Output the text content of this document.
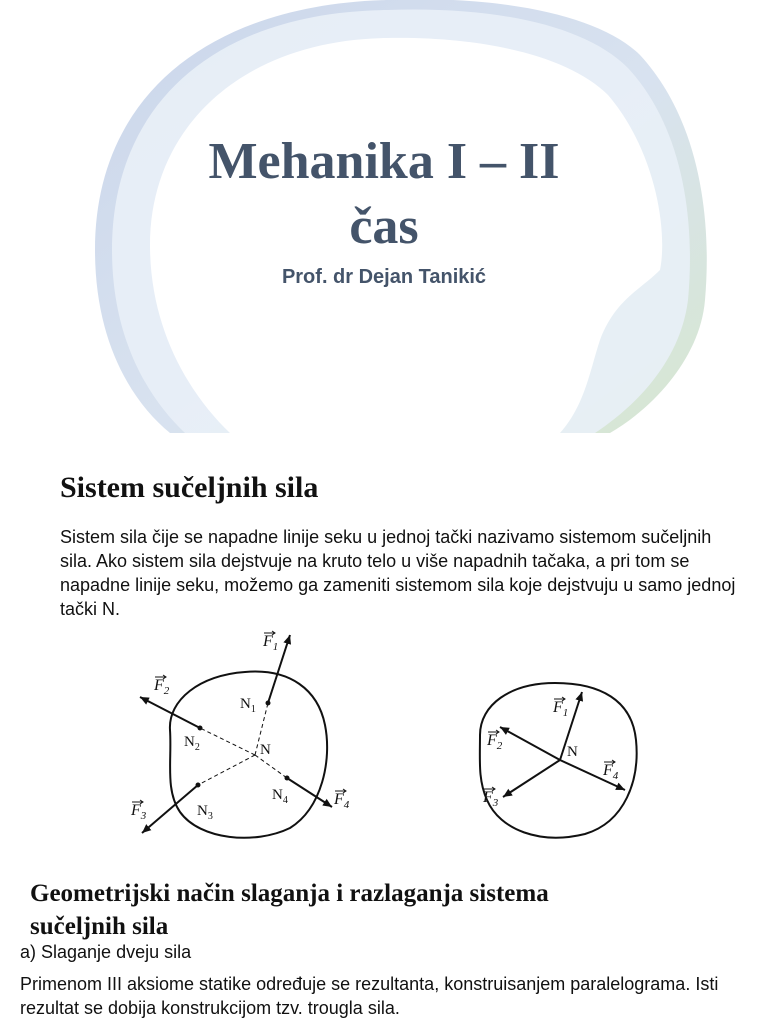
Mehanika I – II
čas
Prof. dr Dejan Tanikić
Sistem sučeljnih sila

Sistem sila čije se napadne linije seku u jednoj tački nazivamo sistemom sučeljnih sila. Ako sistem sila dejstvuje na kruto telo u više napadnih tačaka, a pri tom se napadne linije seku, možemo ga zameniti sistemom sila koje dejstvuju u samo jednoj tački N.

$F_1$
$F_2$
$F_3$
$F_4$
$N_1$
$N_2$
$N_3$
$N_4$
N
$F_1$
$F_2$
$F_3$
$F_4$
N
Geometrijski način slaganja i razlaganja sistema
sučeljnih sila

a) Slaganje dveju sila

Primenom III aksiome statike određuje se rezultanta, konstruisanjem paralelograma. Isti rezultat se dobija konstrukcijom tzv. trougla sila.
